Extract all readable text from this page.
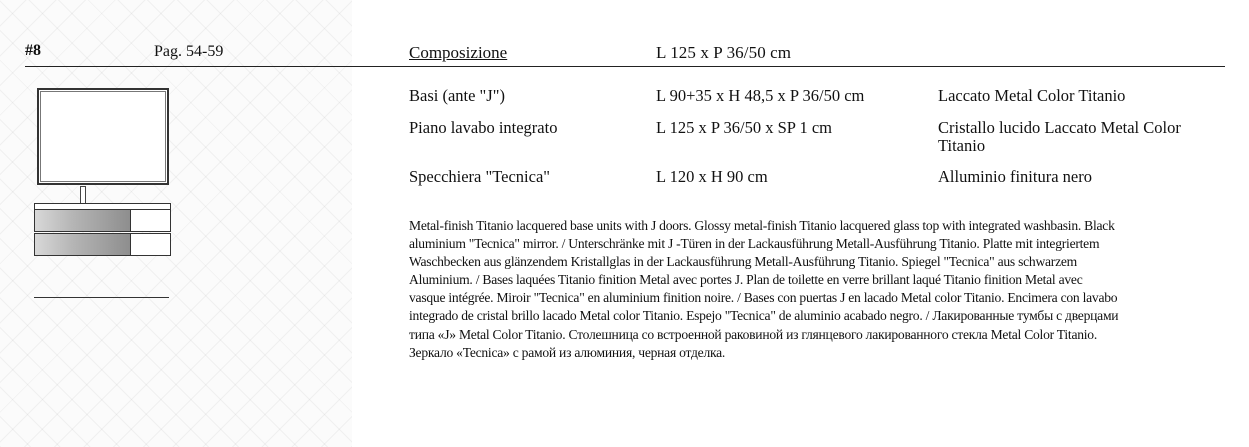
#8	Pag. 54-59	Composizione	L 125 x P 36/50 cm
Basi (ante "J")	L 90+35 x H 48,5 x P 36/50 cm	Laccato Metal Color Titanio
Piano lavabo integrato	L 125 x P 36/50 x SP 1 cm	Cristallo lucido Laccato Metal Color Titanio
Specchiera "Tecnica"	L 120 x H 90 cm	Alluminio finitura nero
Metal-finish Titanio lacquered base units with J doors. Glossy metal-finish Titanio lacquered glass top with integrated washbasin. Black
aluminium "Tecnica" mirror. / Unterschränke mit J -Türen in der Lackausführung Metall-Ausführung Titanio. Platte mit integriertem
Waschbecken aus glänzendem Kristallglas in der Lackausführung Metall-Ausführung Titanio. Spiegel "Tecnica" aus schwarzem
Aluminium. / Bases laquées Titanio finition Metal avec portes J. Plan de toilette en verre brillant laqué Titanio finition Metal avec
vasque intégrée. Miroir "Tecnica" en aluminium finition noire. / Bases con puertas J en lacado Metal color Titanio. Encimera con lavabo
integrado de cristal brillo lacado Metal color Titanio. Espejo "Tecnica" de aluminio acabado negro. / Лакированные тумбы с дверцами
типа «J» Metal Color Titanio. Столешница со встроенной раковиной из глянцевого лакированного стекла Metal Color Titanio.
Зеркало «Tecnica» с рамой из алюминия, черная отделка.
